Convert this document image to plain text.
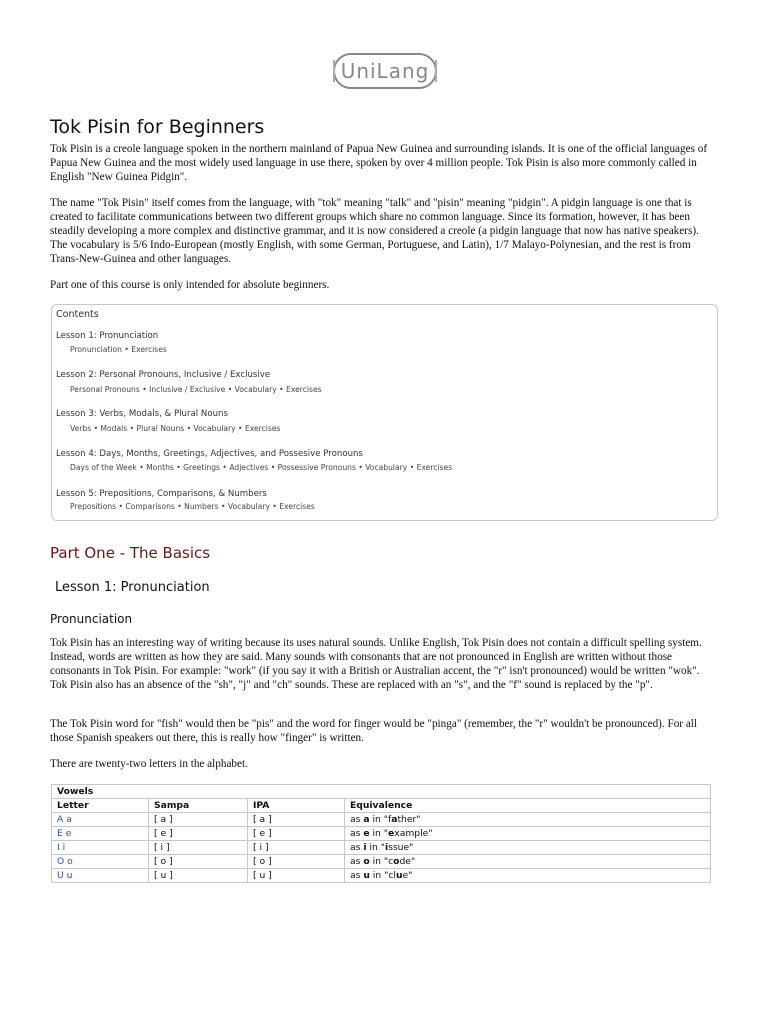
UniLang
Tok Pisin for Beginners

Tok Pisin is a creole language spoken in the northern mainland of Papua New Guinea and surrounding islands. It is one of the official languages of Papua New Guinea and the most widely used language in use there, spoken by over 4 million people. Tok Pisin is also more commonly called in English "New Guinea Pidgin".

The name "Tok Pisin" itself comes from the language, with "tok" meaning "talk" and "pisin" meaning "pidgin". A pidgin language is one that is created to facilitate communications between two different groups which share no common language. Since its formation, however, it has been steadily developing a more complex and distinctive grammar, and it is now considered a creole (a pidgin language that now has native speakers). The vocabulary is 5/6 Indo-European (mostly English, with some German, Portuguese, and Latin), 1/7 Malayo-Polynesian, and the rest is from Trans-New-Guinea and other languages.

Part one of this course is only intended for absolute beginners.

Contents
Lesson 1: Pronunciation
Pronunciation • Exercises
Lesson 2: Personal Pronouns, Inclusive / Exclusive
Personal Pronouns • Inclusive / Exclusive • Vocabulary • Exercises
Lesson 3: Verbs, Modals, & Plural Nouns
Verbs • Modals • Plural Nouns • Vocabulary • Exercises
Lesson 4: Days, Months, Greetings, Adjectives, and Possesive Pronouns
Days of the Week • Months • Greetings • Adjectives • Possessive Pronouns • Vocabulary • Exercises
Lesson 5: Prepositions, Comparisons, & Numbers
Prepositions • Comparisons • Numbers • Vocabulary • Exercises
Part One - The Basics
Lesson 1: Pronunciation
Pronunciation

Tok Pisin has an interesting way of writing because its uses natural sounds. Unlike English, Tok Pisin does not contain a difficult spelling system. Instead, words are written as how they are said. Many sounds with consonants that are not pronounced in English are written without those consonants in Tok Pisin. For example: "work" (if you say it with a British or Australian accent, the "r" isn't pronounced) would be written "wok". Tok Pisin also has an absence of the "sh", "j" and "ch" sounds. These are replaced with an "s", and the "f" sound is replaced by the "p".

The Tok Pisin word for "fish" would then be "pis" and the word for finger would be "pinga" (remember, the "r" wouldn't be pronounced). For all those Spanish speakers out there, this is really how "finger" is written.

There are twenty-two letters in the alphabet.

Vowels			
Letter	Sampa	IPA	Equivalence
A a	[ a ]	[ a ]	as a in "father"
E e	[ e ]	[ e ]	as e in "example"
I i	[ i ]	[ i ]	as i in "issue"
O o	[ o ]	[ o ]	as o in "code"
U u	[ u ]	[ u ]	as u in "clue"
